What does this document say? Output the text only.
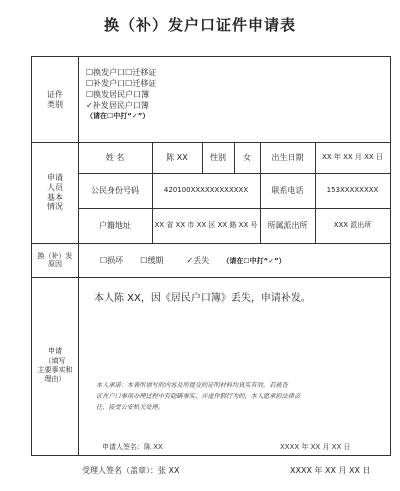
换（补）发户口证件申请表
证件
类别
☐换发户口☐迁移证
☐补发户口☐迁移证
☐换发居民户口簿
✓补发居民户口簿
（请在☐中打“✓”）
申请
人员
基本
情况
姓 名	陈 XX	性别	女	出生日期	XX 年 XX 月 XX 日
公民身份号码	420100XXXXXXXXXXXX	联系电话	153XXXXXXXX
户籍地址	XX 省 XX 市 XX 区 XX 路 XX 号	所属派出所	XXX 派出所
换（补）发
原因	☐损坏 ☐缓期	✓丢失 （请在☐中打“✓”）
申请
（填写
主要事实和
理由）
本人陈 XX，因《居民户口簿》丢失，申请补发。
本人承诺：本表所填写的内容及所提交的证明材料均真实有效。若被查
证在户口事项办理过程中有隐瞒事实、弄虚作假行为的，本人愿承担法律责
任，接受公安机关处理。
申请人签名：陈 XX	XXXX 年 XX 月 XX 日
受理人签名（盖章）：张 XX	XXXX 年 XX 月 XX 日
